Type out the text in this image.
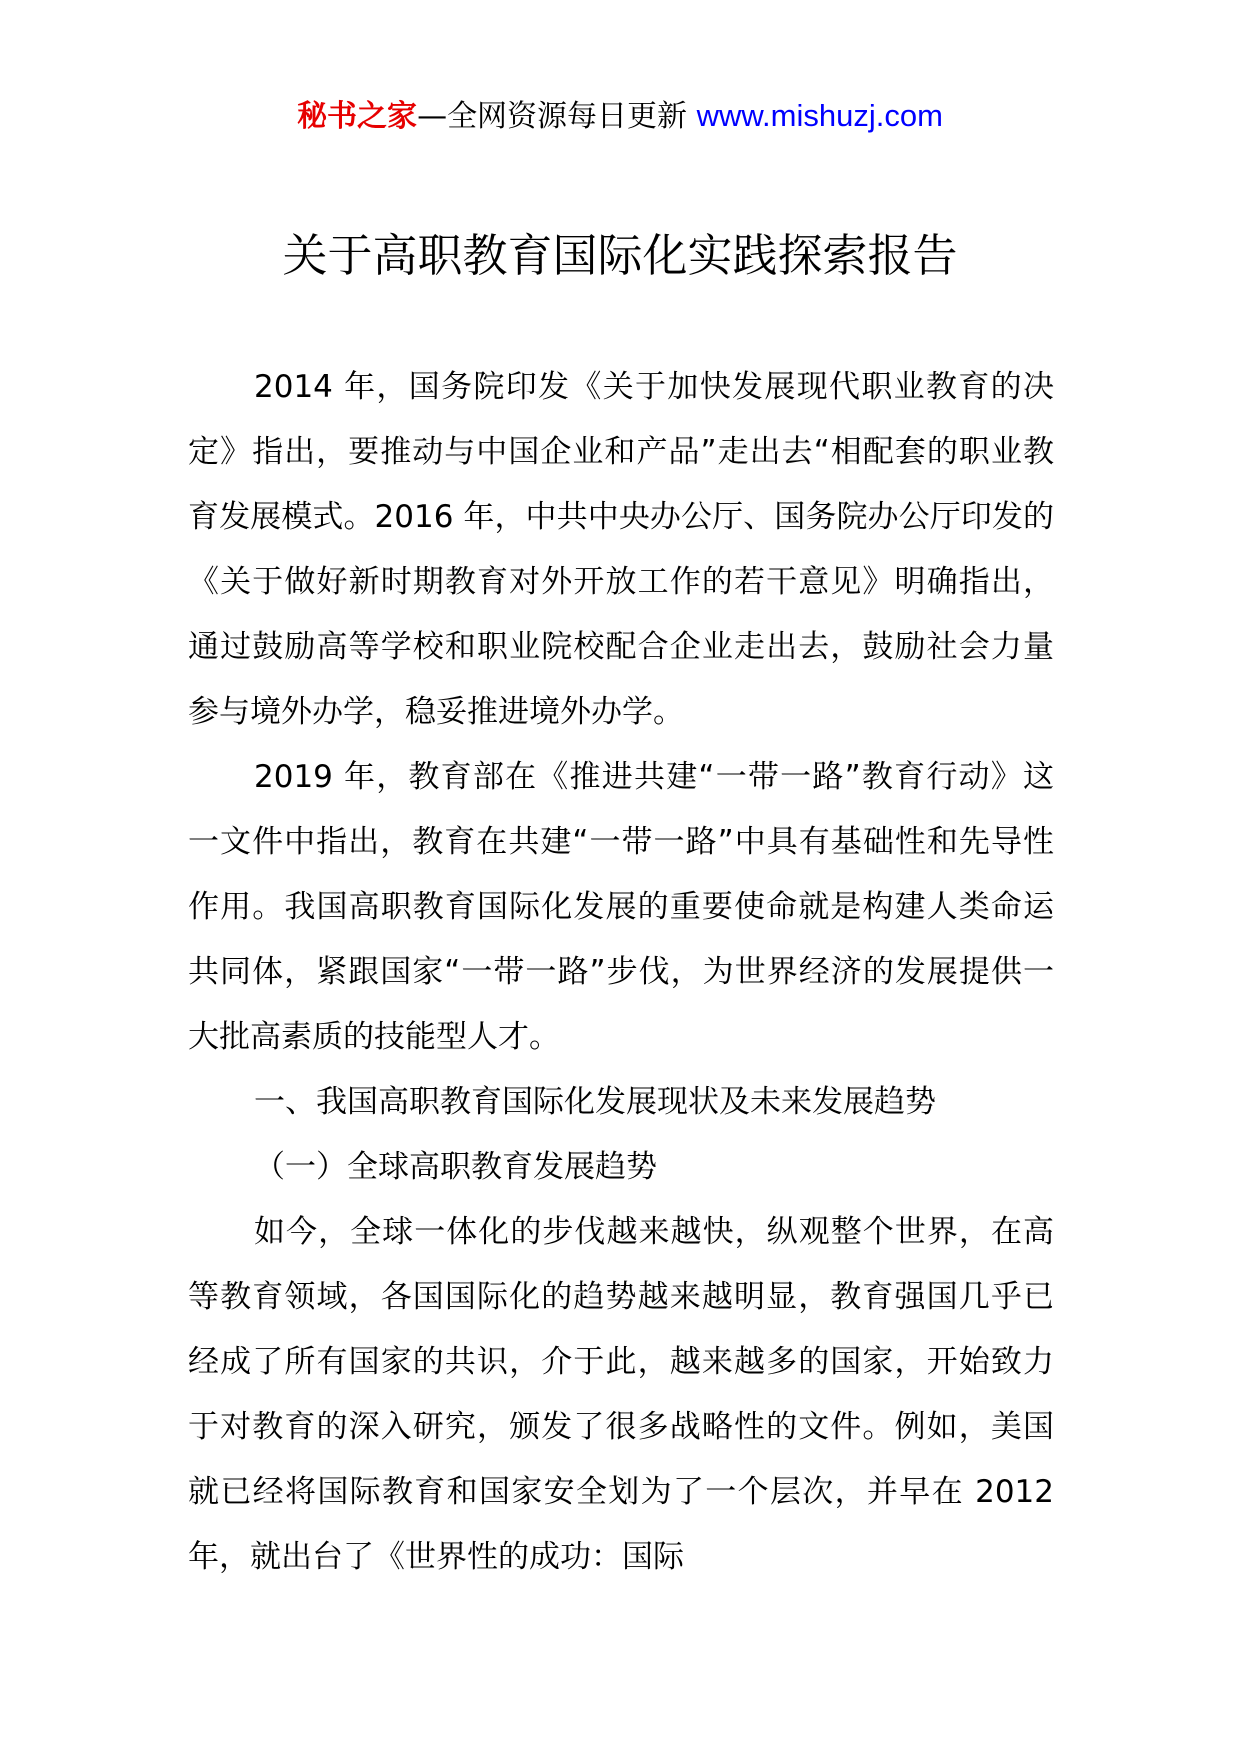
秘书之家—全网资源每日更新 www.mishuzj.com
关于高职教育国际化实践探索报告

2014 年，国务院印发《关于加快发展现代职业教育的决定》指出，要推动与中国企业和产品”走出去“相配套的职业教育发展模式。2016 年，中共中央办公厅、国务院办公厅印发的《关于做好新时期教育对外开放工作的若干意见》明确指出，通过鼓励高等学校和职业院校配合企业走出去，鼓励社会力量参与境外办学，稳妥推进境外办学。

2019 年，教育部在《推进共建“一带一路”教育行动》这一文件中指出，教育在共建“一带一路”中具有基础性和先导性作用。我国高职教育国际化发展的重要使命就是构建人类命运共同体，紧跟国家“一带一路”步伐，为世界经济的发展提供一大批高素质的技能型人才。

一、我国高职教育国际化发展现状及未来发展趋势

（一）全球高职教育发展趋势

如今，全球一体化的步伐越来越快，纵观整个世界，在高等教育领域，各国国际化的趋势越来越明显，教育强国几乎已经成了所有国家的共识，介于此，越来越多的国家，开始致力于对教育的深入研究，颁发了很多战略性的文件。例如，美国就已经将国际教育和国家安全划为了一个层次，并早在 2012 年，就出台了《世界性的成功：国际
